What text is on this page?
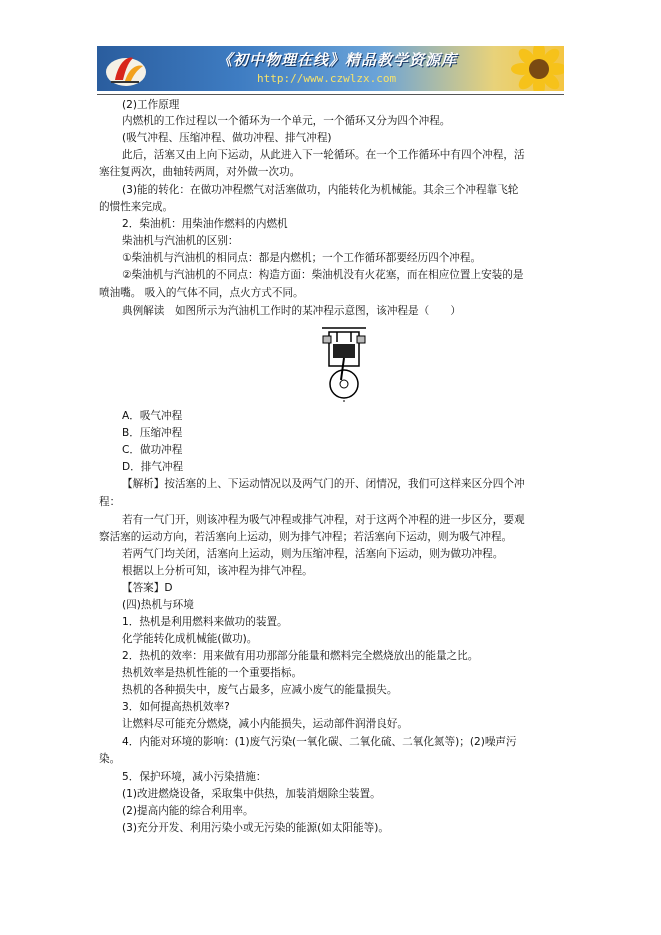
《初中物理在线》精品教学资源库
http://www.czwlzx.com
(2)工作原理
内燃机的工作过程以一个循环为一个单元，一个循环又分为四个冲程。
(吸气冲程、压缩冲程、做功冲程、排气冲程)
此后，活塞又由上向下运动，从此进入下一轮循环。在一个工作循环中有四个冲程，活
塞往复两次，曲轴转两周，对外做一次功。
(3)能的转化：在做功冲程燃气对活塞做功，内能转化为机械能。其余三个冲程靠飞轮
的惯性来完成。
2．柴油机：用柴油作燃料的内燃机
柴油机与汽油机的区别：
①柴油机与汽油机的相同点：都是内燃机；一个工作循环都要经历四个冲程。
②柴油机与汽油机的不同点：构造方面：柴油机没有火花塞，而在相应位置上安装的是
喷油嘴。 吸入的气体不同，点火方式不同。
典例解读　如图所示为汽油机工作时的某冲程示意图，该冲程是（　　）
A．吸气冲程
B．压缩冲程
C．做功冲程
D．排气冲程
【解析】按活塞的上、下运动情况以及两气门的开、闭情况，我们可这样来区分四个冲
程：
若有一气门开，则该冲程为吸气冲程或排气冲程，对于这两个冲程的进一步区分，要观
察活塞的运动方向，若活塞向上运动，则为排气冲程；若活塞向下运动，则为吸气冲程。
若两气门均关闭，活塞向上运动，则为压缩冲程，活塞向下运动，则为做功冲程。
根据以上分析可知，该冲程为排气冲程。
【答案】D
(四)热机与环境
1．热机是利用燃料来做功的装置。
化学能转化成机械能(做功)。
2．热机的效率：用来做有用功那部分能量和燃料完全燃烧放出的能量之比。
热机效率是热机性能的一个重要指标。
热机的各种损失中，废气占最多，应减小废气的能量损失。
3．如何提高热机效率?
让燃料尽可能充分燃烧，减小内能损失，运动部件润滑良好。
4．内能对环境的影响：(1)废气污染(一氧化碳、二氧化硫、二氧化氮等)；(2)噪声污
染。
5．保护环境，减小污染措施：
(1)改进燃烧设备，采取集中供热，加装消烟除尘装置。
(2)提高内能的综合利用率。
(3)充分开发、利用污染小或无污染的能源(如太阳能等)。
